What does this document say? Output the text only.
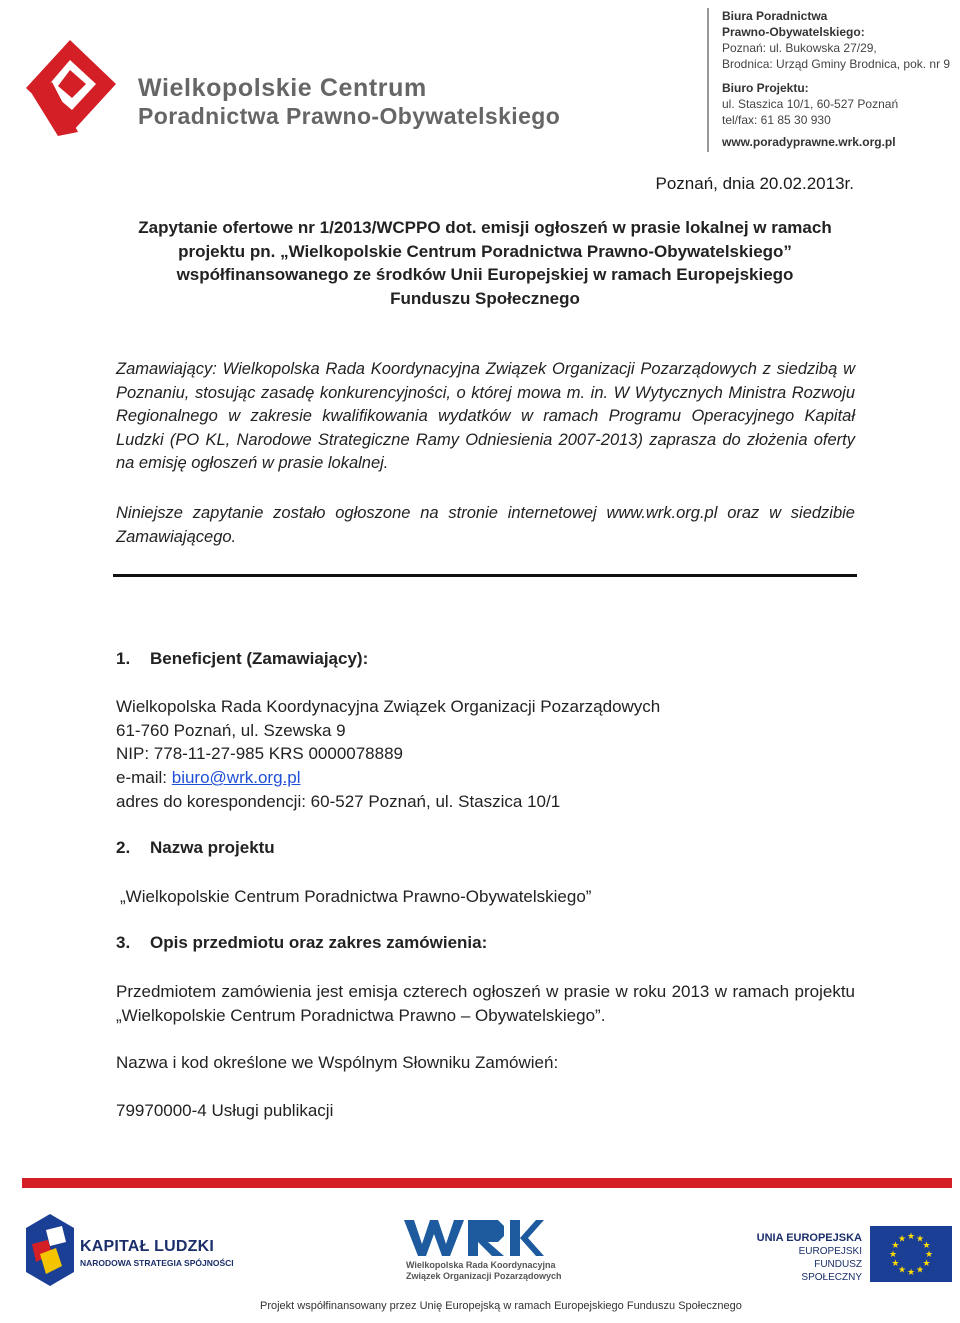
Wielkopolskie Centrum
Poradnictwa Prawno-Obywatelskiego
Biura Poradnictwa
Prawno-Obywatelskiego:
Poznań: ul. Bukowska 27/29,
Brodnica: Urząd Gminy Brodnica, pok. nr 9
Biuro Projektu:
ul. Staszica 10/1, 60-527 Poznań
tel/fax: 61 85 30 930
www.poradyprawne.wrk.org.pl
Poznań, dnia 20.02.2013r.
Zapytanie ofertowe nr 1/2013/WCPPO dot. emisji ogłoszeń w prasie lokalnej w ramach
projektu pn. „Wielkopolskie Centrum Poradnictwa Prawno-Obywatelskiego”
współfinansowanego ze środków Unii Europejskiej w ramach Europejskiego
Funduszu Społecznego
Zamawiający: Wielkopolska Rada Koordynacyjna Związek Organizacji Pozarządowych z siedzibą w Poznaniu, stosując zasadę konkurencyjności, o której mowa m. in. W Wytycznych Ministra Rozwoju Regionalnego w zakresie kwalifikowania wydatków w ramach Programu Operacyjnego Kapitał Ludzki (PO KL, Narodowe Strategiczne Ramy Odniesienia 2007-2013) zaprasza do złożenia oferty na emisję ogłoszeń w prasie lokalnej.
Niniejsze zapytanie zostało ogłoszone na stronie internetowej www.wrk.org.pl oraz w siedzibie Zamawiającego.
1. Beneficjent (Zamawiający):
Wielkopolska Rada Koordynacyjna Związek Organizacji Pozarządowych
61-760 Poznań, ul. Szewska 9
NIP: 778-11-27-985 KRS 0000078889
e-mail: biuro@wrk.org.pl
adres do korespondencji: 60-527 Poznań, ul. Staszica 10/1
2. Nazwa projektu
„Wielkopolskie Centrum Poradnictwa Prawno-Obywatelskiego”
3. Opis przedmiotu oraz zakres zamówienia:
Przedmiotem zamówienia jest emisja czterech ogłoszeń w prasie w roku 2013 w ramach projektu „Wielkopolskie Centrum Poradnictwa Prawno – Obywatelskiego”.
Nazwa i kod określone we Wspólnym Słowniku Zamówień:
79970000-4 Usługi publikacji
KAPITAŁ LUDZKI
NARODOWA STRATEGIA SPÓJNOŚCI	Wielkopolska Rada Koordynacyjna
Związek Organizacji Pozarządowych
UNIA EUROPEJSKA
EUROPEJSKI
FUNDUSZ SPOŁECZNY
★
★
★
★
★
★
★
★
★ ★ ★
★
Projekt współfinansowany przez Unię Europejską w ramach Europejskiego Funduszu Społecznego
